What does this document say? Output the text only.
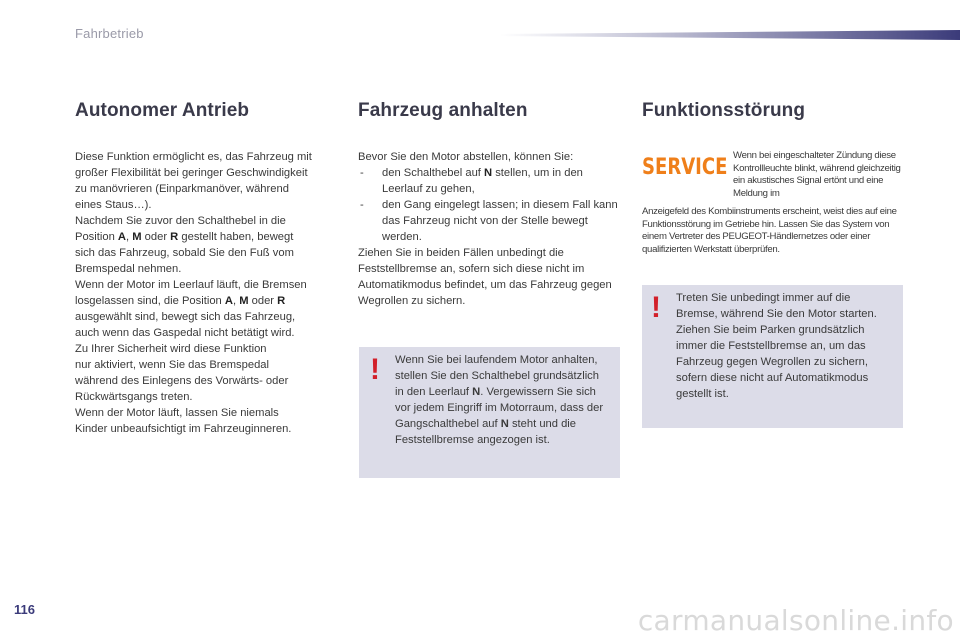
Fahrbetrieb
Autonomer Antrieb

Diese Funktion ermöglicht es, das Fahrzeug mit
großer Flexibilität bei geringer Geschwindigkeit
zu manövrieren (Einparkmanöver, während
eines Staus…).
Nachdem Sie zuvor den Schalthebel in die
Position A, M oder R gestellt haben, bewegt
sich das Fahrzeug, sobald Sie den Fuß vom
Bremspedal nehmen.
Wenn der Motor im Leerlauf läuft, die Bremsen
losgelassen sind, die Position A, M oder R
ausgewählt sind, bewegt sich das Fahrzeug,
auch wenn das Gaspedal nicht betätigt wird.
Zu Ihrer Sicherheit wird diese Funktion
nur aktiviert, wenn Sie das Bremspedal
während des Einlegens des Vorwärts- oder
Rückwärtsgangs treten.
Wenn der Motor läuft, lassen Sie niemals
Kinder unbeaufsichtigt im Fahrzeuginneren.

Fahrzeug anhalten
Bevor Sie den Motor abstellen, können Sie:
- den Schalthebel auf N stellen, um in den Leerlauf zu gehen,
- den Gang eingelegt lassen; in diesem Fall kann das Fahrzeug nicht von der Stelle bewegt werden.
Ziehen Sie in beiden Fällen unbedingt die Feststellbremse an, sofern sich diese nicht im Automatikmodus befindet, um das Fahrzeug gegen Wegrollen zu sichern.
! Wenn Sie bei laufendem Motor anhalten, stellen Sie den Schalthebel grundsätzlich in den Leerlauf N. Vergewissern Sie sich vor jedem Eingriff im Motorraum, dass der Gangschalthebel auf N steht und die Feststellbremse angezogen ist.

Funktionsstörung
SERVICE Wenn bei eingeschalteter Zündung diese Kontrollleuchte blinkt, während gleichzeitig ein akustisches Signal ertönt und eine Meldung im
Anzeigefeld des Kombiinstruments erscheint, weist dies auf eine Funktionsstörung im Getriebe hin. Lassen Sie das System von einem Vertreter des PEUGEOT-Händlernetzes oder einer qualifizierten Werkstatt überprüfen.
! Treten Sie unbedingt immer auf die Bremse, während Sie den Motor starten.

Ziehen Sie beim Parken grundsätzlich immer die Feststellbremse an, um das Fahrzeug gegen Wegrollen zu sichern, sofern diese nicht auf Automatikmodus gestellt ist.

116	carmanualsonline.info
